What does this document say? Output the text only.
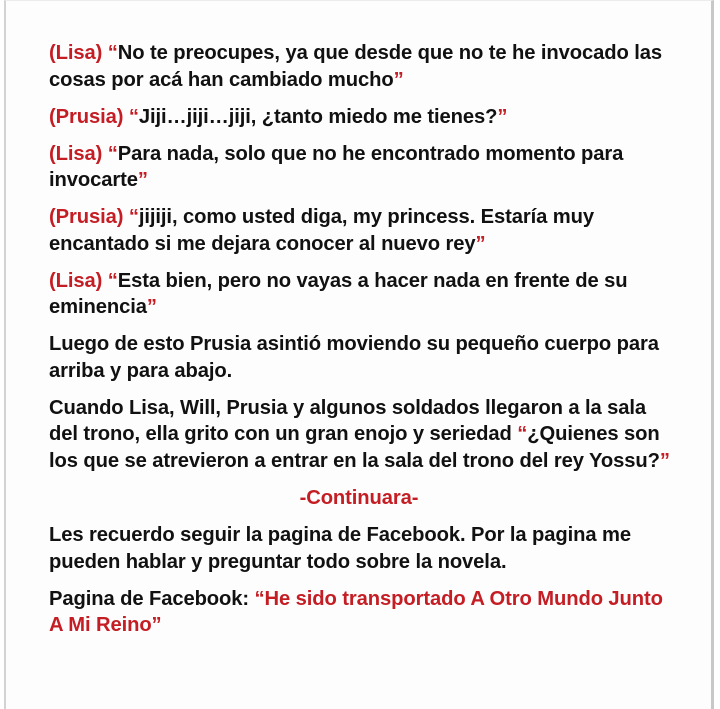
(Lisa) “No te preocupes, ya que desde que no te he invocado las cosas por acá han cambiado mucho”

(Prusia) “Jiji…jiji…jiji, ¿tanto miedo me tienes?”

(Lisa) “Para nada, solo que no he encontrado momento para invocarte”

(Prusia) “jijiji, como usted diga, my princess. Estaría muy encantado si me dejara conocer al nuevo rey”

(Lisa) “Esta bien, pero no vayas a hacer nada en frente de su eminencia”

Luego de esto Prusia asintió moviendo su pequeño cuerpo para arriba y para abajo.

Cuando Lisa, Will, Prusia y algunos soldados llegaron a la sala del trono, ella grito con un gran enojo y seriedad “¿Quienes son los que se atrevieron a entrar en la sala del trono del rey Yossu?”

-Continuara-

Les recuerdo seguir la pagina de Facebook. Por la pagina me pueden hablar y preguntar todo sobre la novela.

Pagina de Facebook: “He sido transportado A Otro Mundo Junto A Mi Reino”
